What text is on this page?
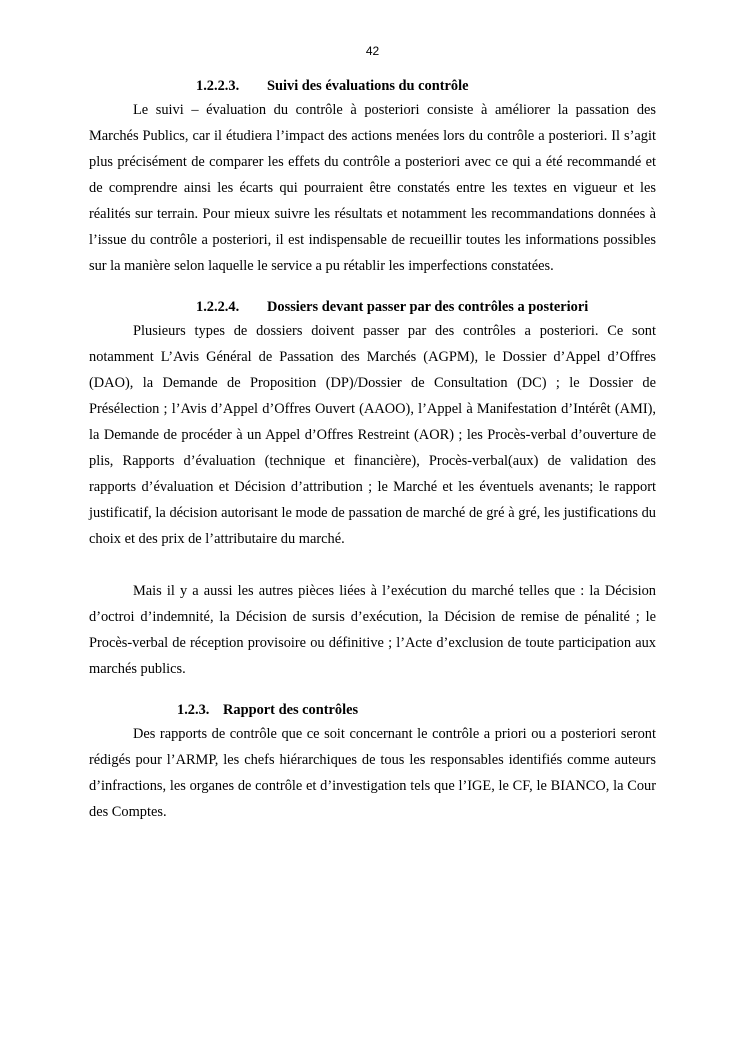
42
1.2.2.3. Suivi des évaluations du contrôle

Le suivi – évaluation du contrôle à posteriori consiste à améliorer la passation des Marchés Publics, car il étudiera l’impact des actions menées lors du contrôle a posteriori. Il s’agit plus précisément de comparer les effets du contrôle a posteriori avec ce qui a été recommandé et de comprendre ainsi les écarts qui pourraient être constatés entre les textes en vigueur et les réalités sur terrain. Pour mieux suivre les résultats et notamment les recommandations données à l’issue du contrôle a posteriori, il est indispensable de recueillir toutes les informations possibles sur la manière selon laquelle le service a pu rétablir les imperfections constatées.

1.2.2.4. Dossiers devant passer par des contrôles a posteriori

Plusieurs types de dossiers doivent passer par des contrôles a posteriori. Ce sont notamment L’Avis Général de Passation des Marchés (AGPM), le Dossier d’Appel d’Offres (DAO), la Demande de Proposition (DP)/Dossier de Consultation (DC) ; le Dossier de Présélection ; l’Avis d’Appel d’Offres Ouvert (AAOO), l’Appel à Manifestation d’Intérêt (AMI), la Demande de procéder à un Appel d’Offres Restreint (AOR) ; les Procès-verbal d’ouverture de plis, Rapports d’évaluation (technique et financière), Procès-verbal(aux) de validation des rapports d’évaluation et Décision d’attribution ; le Marché et les éventuels avenants; le rapport justificatif, la décision autorisant le mode de passation de marché de gré à gré, les justifications du choix et des prix de l’attributaire du marché.

Mais il y a aussi les autres pièces liées à l’exécution du marché telles que : la Décision d’octroi d’indemnité, la Décision de sursis d’exécution, la Décision de remise de pénalité ; le Procès-verbal de réception provisoire ou définitive ; l’Acte d’exclusion de toute participation aux marchés publics.

1.2.3. Rapport des contrôles

Des rapports de contrôle que ce soit concernant le contrôle a priori ou a posteriori seront rédigés pour l’ARMP, les chefs hiérarchiques de tous les responsables identifiés comme auteurs d’infractions, les organes de contrôle et d’investigation tels que l’IGE, le CF, le BIANCO, la Cour des Comptes.
